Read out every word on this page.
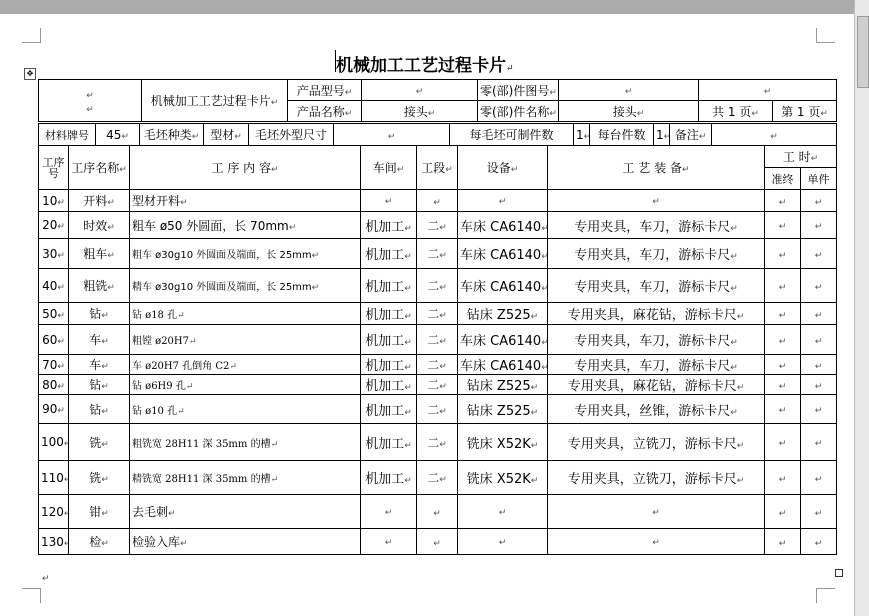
机械加工工艺过程卡片 ↵
✥
↵
↵	机械加工工艺过程卡片 ↵	产品型号 ↵	↵	零(部)件图号 ↵	↵	↵
		产品名称 ↵	接头 ↵	零(部)件名称 ↵	接头 ↵	共 1 页 ↵	第 1 页 ↵
材料牌号	45 ↵	毛坯种类 ↵	型材 ↵	毛坯外型尺寸	↵	每毛坯可制件数	1 ↵	每台件数	1 ↵	备注 ↵	↵
工序号	工序名称 ↵	工 序 内 容 ↵	车间 ↵	工段 ↵	设备 ↵	工 艺 装 备 ↵	工 时 ↵
							准终	单件
10 ↵	开料 ↵	型材开料 ↵	↵	↵	↵	↵	↵	↵
20 ↵	时效 ↵	粗车 ø50 外圆面，长 70mm ↵	机加工 ↵	二 ↵	车床 CA6140 ↵	专用夹具，车刀，游标卡尺 ↵	↵	↵
30 ↵	粗车 ↵	粗车 ø30g10 外圆面及端面，长 25mm ↵	机加工 ↵	二 ↵	车床 CA6140 ↵	专用夹具，车刀，游标卡尺 ↵	↵	↵
40 ↵	粗铣 ↵	精车 ø30g10 外圆面及端面，长 25mm ↵	机加工 ↵	二 ↵	车床 CA6140 ↵	专用夹具，车刀，游标卡尺 ↵	↵	↵
50 ↵	钻 ↵	钻 ø18 孔 ↵	机加工 ↵	二 ↵	钻床 Z525 ↵	专用夹具，麻花钻，游标卡尺 ↵	↵	↵
60 ↵	车 ↵	粗镗 ø20H7 ↵	机加工 ↵	二 ↵	车床 CA6140 ↵	专用夹具，车刀，游标卡尺 ↵	↵	↵
70 ↵	车 ↵	车 ø20H7 孔倒角 C2 ↵	机加工 ↵	二 ↵	车床 CA6140 ↵	专用夹具，车刀，游标卡尺 ↵	↵	↵
80 ↵	钻 ↵	钻 ø6H9 孔 ↵	机加工 ↵	二 ↵	钻床 Z525 ↵	专用夹具，麻花钻，游标卡尺 ↵	↵	↵
90 ↵	钻 ↵	钻 ø10 孔 ↵	机加工 ↵	二 ↵	钻床 Z525 ↵	专用夹具，丝锥，游标卡尺 ↵	↵	↵
100 ↵	铣 ↵	粗铣宽 28H11 深 35mm 的槽 ↵	机加工 ↵	二 ↵	铣床 X52K ↵	专用夹具，立铣刀，游标卡尺 ↵	↵	↵
110 ↵	铣 ↵	精铣宽 28H11 深 35mm 的槽 ↵	机加工 ↵	二 ↵	铣床 X52K ↵	专用夹具，立铣刀，游标卡尺 ↵	↵	↵
120 ↵	钳 ↵	去毛刺 ↵	↵	↵	↵	↵	↵	↵
130 ↵	检 ↵	检验入库 ↵	↵	↵	↵	↵	↵	↵
↵
